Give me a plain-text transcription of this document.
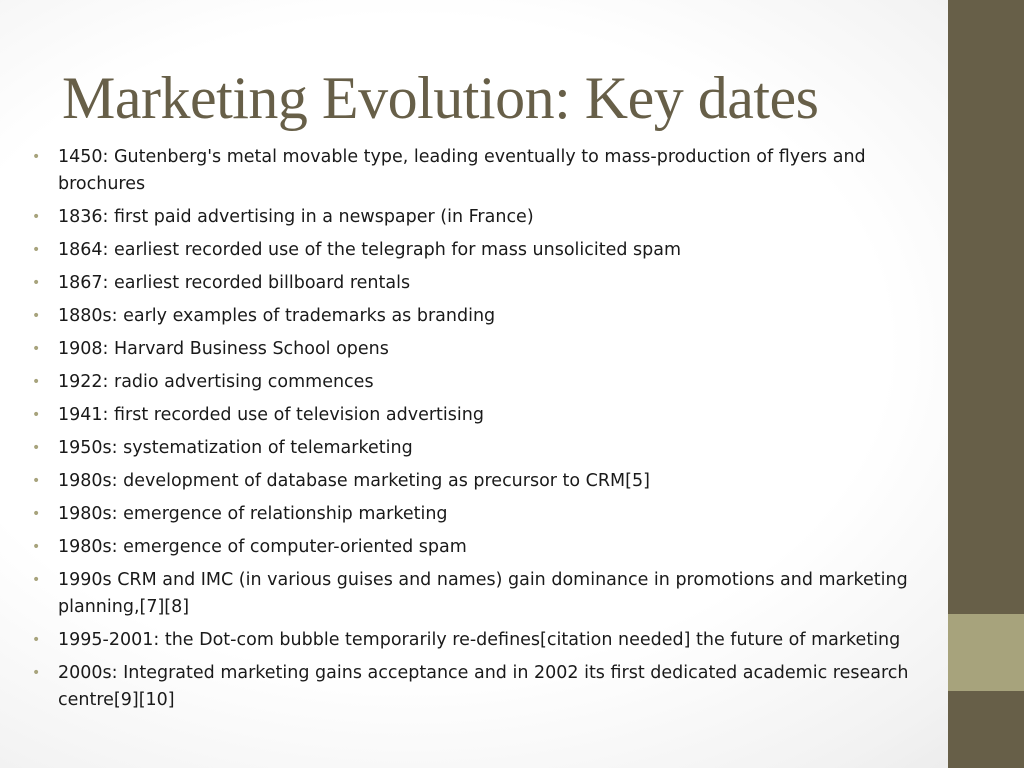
Marketing Evolution: Key dates
• 1450: Gutenberg's metal movable type, leading eventually to mass-production of flyers and brochures
• 1836: first paid advertising in a newspaper (in France)
• 1864: earliest recorded use of the telegraph for mass unsolicited spam
• 1867: earliest recorded billboard rentals
• 1880s: early examples of trademarks as branding
• 1908: Harvard Business School opens
• 1922: radio advertising commences
• 1941: first recorded use of television advertising
• 1950s: systematization of telemarketing
• 1980s: development of database marketing as precursor to CRM[5]
• 1980s: emergence of relationship marketing
• 1980s: emergence of computer-oriented spam
• 1990s CRM and IMC (in various guises and names) gain dominance in promotions and marketing planning,[7][8]
• 1995-2001: the Dot-com bubble temporarily re-defines[citation needed] the future of marketing
• 2000s: Integrated marketing gains acceptance and in 2002 its first dedicated academic research centre[9][10]
